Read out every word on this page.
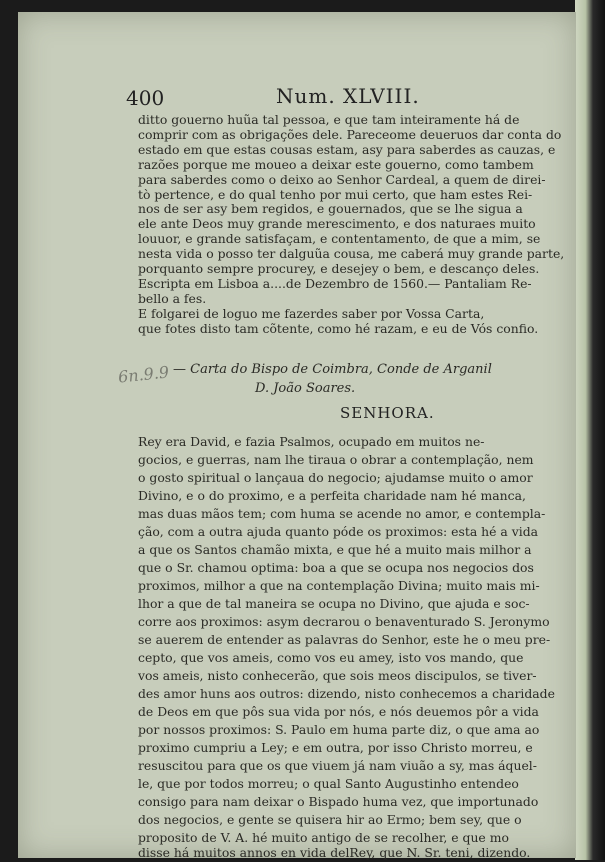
400	Num. XLVIII.

ditto gouerno huũa tal pessoa, e que tam inteiramente há de

comprir com as obrigações dele. Pareceome deueruos dar conta do

estado em que estas cousas estam, asy para saberdes as cauzas, e

razões porque me moueo a deixar este gouerno, como tambem

para saberdes como o deixo ao Senhor Cardeal, a quem de direi-

tò pertence, e do qual tenho por mui certo, que ham estes Rei-

nos de ser asy bem regidos, e gouernados, que se lhe sigua a

ele ante Deos muy grande merescimento, e dos naturaes muito

louuor, e grande satisfaçam, e contentamento, de que a mim, se

nesta vida o posso ter dalguũa cousa, me caberá muy grande parte,

porquanto sempre procurey, e desejey o bem, e descanço deles.

Escripta em Lisboa a....de Dezembro de 1560.— Pantaliam Re-

bello a fes.

6n.9.9 — Carta do Bispo de Coimbra, Conde de Arganil
D. João Soares.
SENHORA.

Rey era David, e fazia Psalmos, ocupado em muitos ne-

gocios, e guerras, nam lhe tiraua o obrar a contemplação, nem

o gosto spiritual o lançaua do negocio; ajudamse muito o amor

Divino, e o do proximo, e a perfeita charidade nam hé manca,

mas duas mãos tem; com huma se acende no amor, e contempla-

ção, com a outra ajuda quanto póde os proximos: esta hé a vida

a que os Santos chamão mixta, e que hé a muito mais milhor a

que o Sr. chamou optima: boa a que se ocupa nos negocios dos

proximos, milhor a que na contemplação Divina; muito mais mi-

lhor a que de tal maneira se ocupa no Divino, que ajuda e soc-

corre aos proximos: asym decrarou o benaventurado S. Jeronymo

se auerem de entender as palavras do Senhor, este he o meu pre-

cepto, que vos ameis, como vos eu amey, isto vos mando, que

vos ameis, nisto conhecerão, que sois meos discipulos, se tiver-

des amor huns aos outros: dizendo, nisto conhecemos a charidade

de Deos em que pôs sua vida por nós, e nós deuemos pôr a vida

por nossos proximos: S. Paulo em huma parte diz, o que ama ao

proximo cumpriu a Ley; e em outra, por isso Christo morreu, e

resuscitou para que os que viuem já nam viuão a sy, mas áquel-

le, que por todos morreu; o qual Santo Augustinho entendeo

consigo para nam deixar o Bispado huma vez, que importunado

dos negocios, e gente se quisera hir ao Ermo; bem sey, que o

proposito de V. A. hé muito antigo de se recolher, e que mo

disse há muitos annos en vida delRey, que N. Sr. teni, dizendo.

E folgarei de loguo me fazerdes saber por Vossa Carta,

que fotes disto tam cõtente, como hé razam, e eu de Vós confio.
